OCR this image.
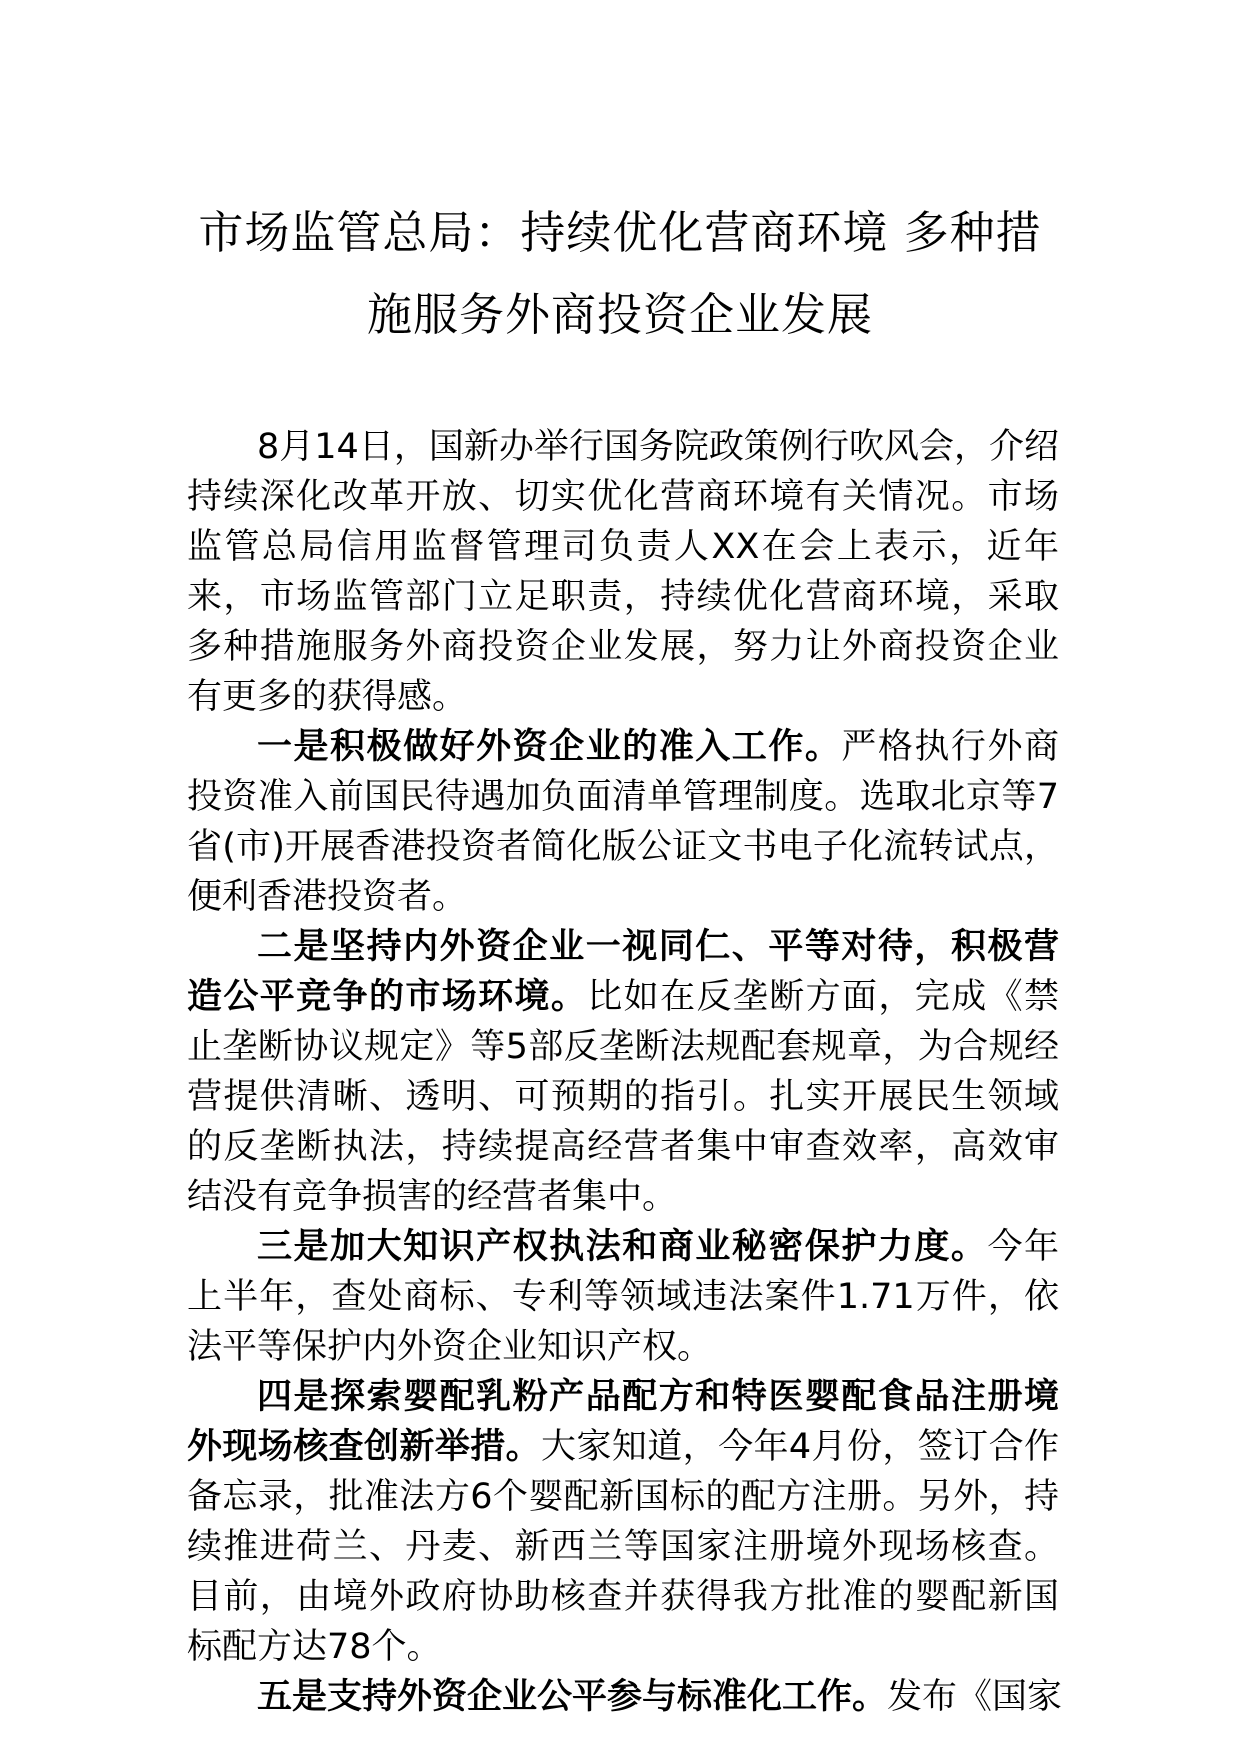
市场监管总局：持续优化营商环境 多种措
施服务外商投资企业发展

8月14日，国新办举行国务院政策例行吹风会，介绍持续深化改革开放、切实优化营商环境有关情况。市场监管总局信用监督管理司负责人XX在会上表示，近年来，市场监管部门立足职责，持续优化营商环境，采取多种措施服务外商投资企业发展，努力让外商投资企业有更多的获得感。

一是积极做好外资企业的准入工作。严格执行外商投资准入前国民待遇加负面清单管理制度。选取北京等7省(市)开展香港投资者简化版公证文书电子化流转试点，便利香港投资者。

二是坚持内外资企业一视同仁、平等对待，积极营造公平竞争的市场环境。比如在反垄断方面，完成《禁止垄断协议规定》等5部反垄断法规配套规章，为合规经营提供清晰、透明、可预期的指引。扎实开展民生领域的反垄断执法，持续提高经营者集中审查效率，高效审结没有竞争损害的经营者集中。

三是加大知识产权执法和商业秘密保护力度。今年上半年，查处商标、专利等领域违法案件1.71万件，依法平等保护内外资企业知识产权。

四是探索婴配乳粉产品配方和特医婴配食品注册境外现场核查创新举措。大家知道，今年4月份，签订合作备忘录，批准法方6个婴配新国标的配方注册。另外，持续推进荷兰、丹麦、新西兰等国家注册境外现场核查。目前，由境外政府协助核查并获得我方批准的婴配新国标配方达78个。

五是支持外资企业公平参与标准化工作。发布《国家
